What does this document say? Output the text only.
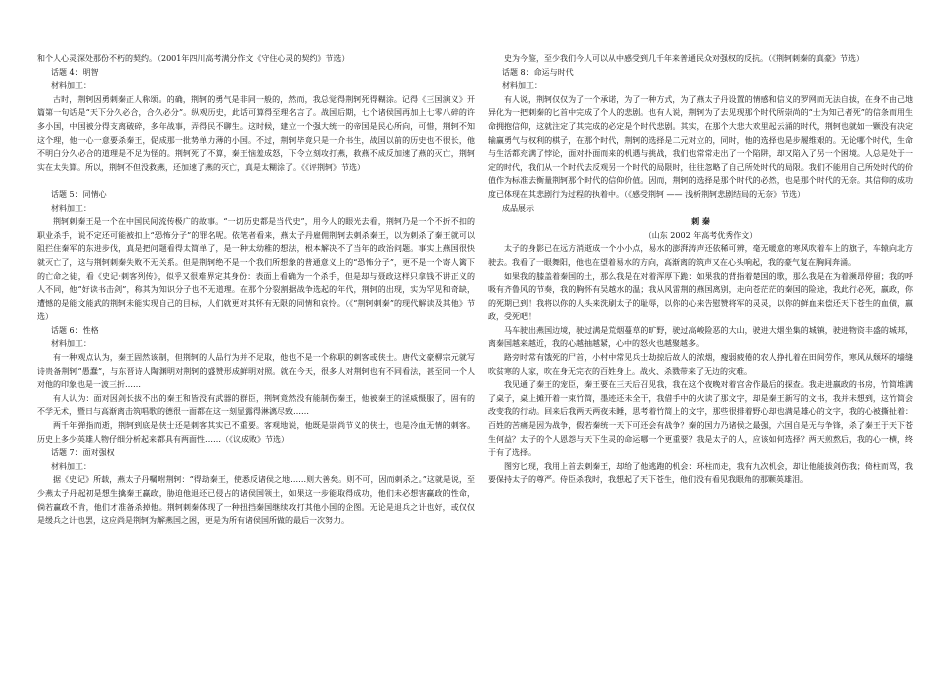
和个人心灵深处那份不朽的契约。（2001年四川高考满分作文《守住心灵的契约》节选）

话题 4：明智

材料加工：

古时，荆轲因勇刺秦正人称颂。的确，荆轲的勇气是非同一般的，然而，我总觉得荆轲死得糊涂。记得《三国演义》开篇第一句话是“天下分久必合，合久必分”。纵观历史，此话可算得至理名言了。战国后期，七个诸侯国再加上七零八碎的许多小国，中国被分得支离破碎，多年战事，弄得民不聊生。这时候，建立一个强大统一的帝国是民心所向，可惜，荆轲不知这个理，他一心一意要杀秦王，促成那一批势单力薄的小国。不过，荆轲毕竟只是一介书生，战国以前的历史也不很长，他不明白分久必合的道理是不足为怪的。荆轲死了不算，秦王恼羞成怒，下令立刻攻打燕，救燕不成反加速了燕的灭亡，荆轲实在太失算。所以，荆轲不但没救燕，还加速了燕的灭亡，真是太糊涂了。《《评荆轲》节选）

话题 5：同情心

材料加工：

荆轲刺秦王是一个在中国民间流传极广的故事。“一切历史都是当代史”，用今人的眼光去看，荆轲乃是一个不折不扣的职业杀手，说不定还可能被扣上“恐怖分子”的罪名呢。依笔者看来，燕太子丹雇佣荆轲去刺杀秦王，以为刺杀了秦王就可以阻拦住秦军的东进步伐，真是把问题看得太简单了，是一种太幼稚的想法，根本解决不了当年的政治问题。事实上燕国很快就灭亡了，这与荆轲刺秦失败不无关系。但是荆轲绝不是一个我们所想象的普通意义上的“恐怖分子”，更不是一个寄人篱下的亡命之徒，看《史记·刺客列传》，似乎又很难界定其身份：表面上看确为一个杀手，但是却与聂政这样只拿钱不讲正义的人不同，他“好读书击剑”，称其为知识分子也不无道理。在那个分裂割据战争选起的年代，荆轲的出现，实为罕见和奇缺，遭憾的是能文能武的荆轲未能实现自己的目标，人们就更对其怀有无限的同情和哀怜。（《“荆轲刺秦”的现代解读及其他》节选）

话题 6：性格

材料加工：

有一种观点认为，秦王固然该制，但荆轲的人品行为并不足取，他也不是一个称职的刺客或侠士。唐代文豪柳宗元就写诗贵备荆轲“愚蠢”，与东晋诗人陶渊明对荆轲的盛赞形成鲜明对照。就在今天，很多人对荆轲也有不同看法，甚至同一个人对他的印象也是一波三折……

有人认为：面对因剑长拔不出的秦王和皆没有武器的群臣，荆轲竟然没有能制伤秦王，他被秦王的淫威慑服了，固有的不学无术，暨日与高渐离击筑唱歌的德很一面都在这一刻显露得淋漓尽致……

两千年弹指而逝，荆轲到底是侠士还是刺客其实已不重要。客观地说，他既是崇尚节义的侠士，也是冷血无情的刺客。历史上多少英雄人物仔细分析起来都具有两面性……（《议成败》节选）

话题 7：面对强权

材料加工：

据《史记》所载，燕太子丹嘱咐荆轲：“得劫秦王，使悉反诸侯之地……则大善矣。则不可，因而刺杀之。”这就是说，至少燕太子丹起初是想生擒秦王赢政，胁迫他退还已侵占的诸侯国领土，如果这一步能取得成功，他们未必想害赢政的性命，倘若赢政不肯，他们才准备杀掉他。荆轲刺秦体现了一种扭挡秦国继续攻打其他小国的企图。无论是退兵之计也好，或仅仅是缓兵之计也罢，这应尚是荆轲为解燕国之困，更是为所有诸侯国所做的最后一次努力。

史为今鉴，至少我们今人可以从中感受到几千年来普通民众对强权的反抗。（《荆轲刺秦的真豪》节选）

话题 8：命运与时代

材料加工：

有人说，荆轲仅仅为了一个承诺，为了一种方式，为了燕太子丹设置的情感和信义的罗网而无法自拔，在身不由己地异化为一把刺秦的匕首中完成了个人的悲剧。也有人说，荆轲为了去见现那个时代所崇尚的“士为知己者死”的信条而用生命拥抱信仰，这就注定了其完成的必定是个时代悲剧。其实，在那个大悲大欢里起云涌的时代，荆轲也就如一颗没有决定输赢勇气与权利的棋子，在那个时代，荆轲的选择是二元对立的，同时，他的选择也是步履维艰的。无论哪个时代，生命与生活都充满了悖论，面对扑面而来的机遇与挑战，我们也常常走出了一个陷阱，却又陷入了另一个困境。人总是处于一定的时代，我们从一个时代去反观另一个时代的局限时，往往忽略了自己所处时代的局限。我们不能用自己所处时代的价值作为标准去衡量荆轲那个时代的信仰价值。因而，荆轲的选择是那个时代的必然，也是那个时代的无奈。其信仰的成功度已体现在其悲剧行为过程的执着中。（《感受荆轲 —— 浅析荆轲悲剧结局的无奈》节选）

成品展示

刺 秦

（山东 2002 年高考优秀作文）

太子的身影已在远方消逝成一个小小点，易水的澎湃涛声还依稀可辨，毫无暖意的寒风吹着车上的旗子，车辕向北方驶去。我看了一眼舞阳，他也在望着易水的方向，高渐离的筑声又在心头响起，我的豪气复在胸间奔涌。

如果我的膝盖着秦国的土，那么我是在对着浑厚下跪：如果我的背指着楚国的歌，那么我是在为着濒昂停留；我的呼吸有齐鲁风的节奏，我的胸怀有吴越水的温；我从风雷荆的燕国离别，走向苍茫茫的秦国的险途，我此行必死，嬴政，你的死期已到！我将以你的人头来洗刷太子的耻辱，以你的心来告慰赞将军的灵灵，以你的鲜血来偿还天下苍生的血债，嬴政，受死吧！

马车驶出燕国边境，驶过满是荒烟蔓草的旷野，驶过高峻险恶的大山，驶进大烟坐集的城镇，驶进物资丰盛的城邦，离秦国越来越近，我的心越抽越紧，心中的怒火也越聚越多。

路旁时常有饿死的尸首，小村中常见兵士劫掠后故人的浓烟，瘦弱疲倦的农人挣扎着在田间劳作，寒风从颓坏的墙缝吹贫寒的人家，吹在身无完衣的百姓身上。战火、杀戮带来了无边的灾难。

我见通了秦王的宠臣，秦王要在三天后召见我，我在这个夜晚对着宫舍作最后的探查。我走进嬴政的书房，竹简堆满了桌子，桌上摊开着一束竹简，墨迹还未全干，我借手中的火读了那文字，却是秦王新写的文书，我并未想到，这竹简会改变我的行动。回来后我两天两夜未睡，思考着竹简上的文字，那些很排着野心却也满是雄心的文字，我的心被撕扯着：百姓的苦痛是因为战争，假若秦统一天下可还会有战争？秦的国力乃诸侯之最强，六国自是无与争锋，杀了秦王于天下苍生何益？太子的个人恩怨与天下生灵的命运哪一个更重要？我是太子的人，应该如何选择？两天煎熬后，我的心一横，终于有了选择。

图穷匕现，我用上首去刺秦王，却给了他逃跑的机会：环柱而走，我有九次机会，却让他能拔剑伤我；倚柱而骂，我要保持太子的尊严。侍臣杀我时，我想起了天下苍生，他们没有看见我眼角的那颗英雄泪。
